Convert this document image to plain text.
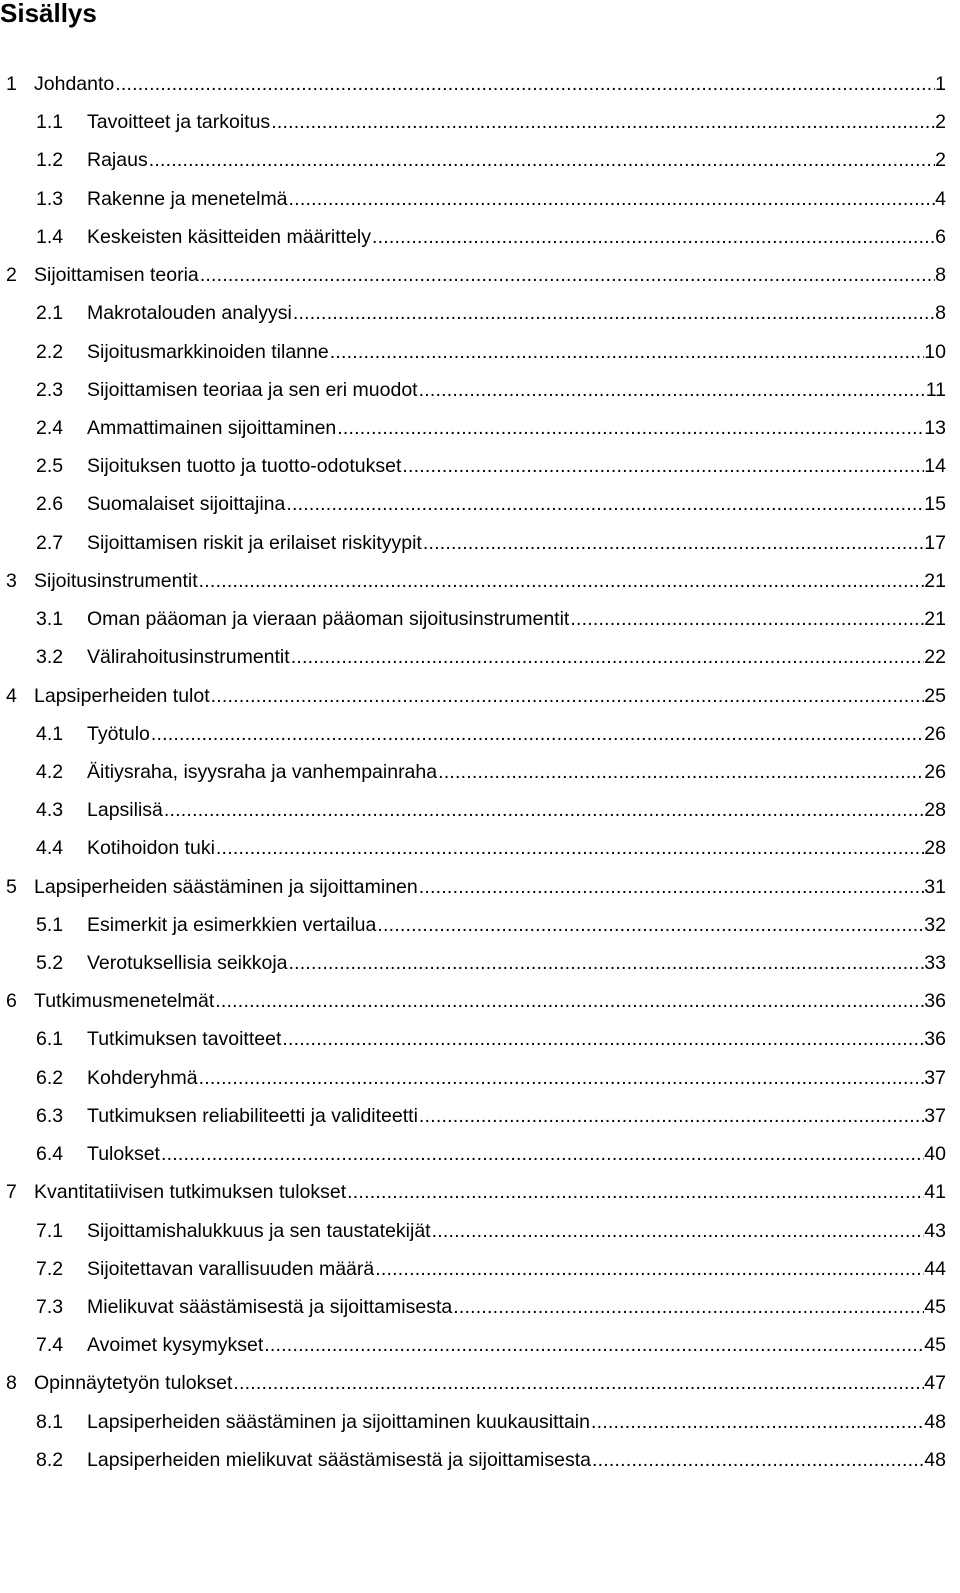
Sisällys
1 Johdanto . . .	1
1.1 Tavoitteet ja tarkoitus . . .	2
1.2 Rajaus . . .	2
1.3 Rakenne ja menetelmä . . .	4
1.4 Keskeisten käsitteiden määrittely . . .	6
2 Sijoittamisen teoria . . .	8
2.1 Makrotalouden analyysi . . .	8
2.2 Sijoitusmarkkinoiden tilanne . . .	10
2.3 Sijoittamisen teoriaa ja sen eri muodot . . .	11
2.4 Ammattimainen sijoittaminen . . .	13
2.5 Sijoituksen tuotto ja tuotto-odotukset . . .	14
2.6 Suomalaiset sijoittajina . . .	15
2.7 Sijoittamisen riskit ja erilaiset riskityypit . . .	17
3 Sijoitusinstrumentit . . .	21
3.1 Oman pääoman ja vieraan pääoman sijoitusinstrumentit . . .	21
3.2 Välirahoitusinstrumentit . . .	22
4 Lapsiperheiden tulot . . .	25
4.1 Työtulo . . .	26
4.2 Äitiysraha, isyysraha ja vanhempainraha . . .	26
4.3 Lapsilisä . . .	28
4.4 Kotihoidon tuki . . .	28
5 Lapsiperheiden säästäminen ja sijoittaminen . . .	31
5.1 Esimerkit ja esimerkkien vertailua . . .	32
5.2 Verotuksellisia seikkoja . . .	33
6 Tutkimusmenetelmät . . .	36
6.1 Tutkimuksen tavoitteet . . .	36
6.2 Kohderyhmä . . .	37
6.3 Tutkimuksen reliabiliteetti ja validiteetti . . .	37
6.4 Tulokset . . .	40
7 Kvantitatiivisen tutkimuksen tulokset . . .	41
7.1 Sijoittamishalukkuus ja sen taustatekijät . . .	43
7.2 Sijoitettavan varallisuuden määrä . . .	44
7.3 Mielikuvat säästämisestä ja sijoittamisesta . . .	45
7.4 Avoimet kysymykset . . .	45
8 Opinnäytetyön tulokset . . .	47
8.1 Lapsiperheiden säästäminen ja sijoittaminen kuukausittain . . .	48
8.2 Lapsiperheiden mielikuvat säästämisestä ja sijoittamisesta . . .	48
